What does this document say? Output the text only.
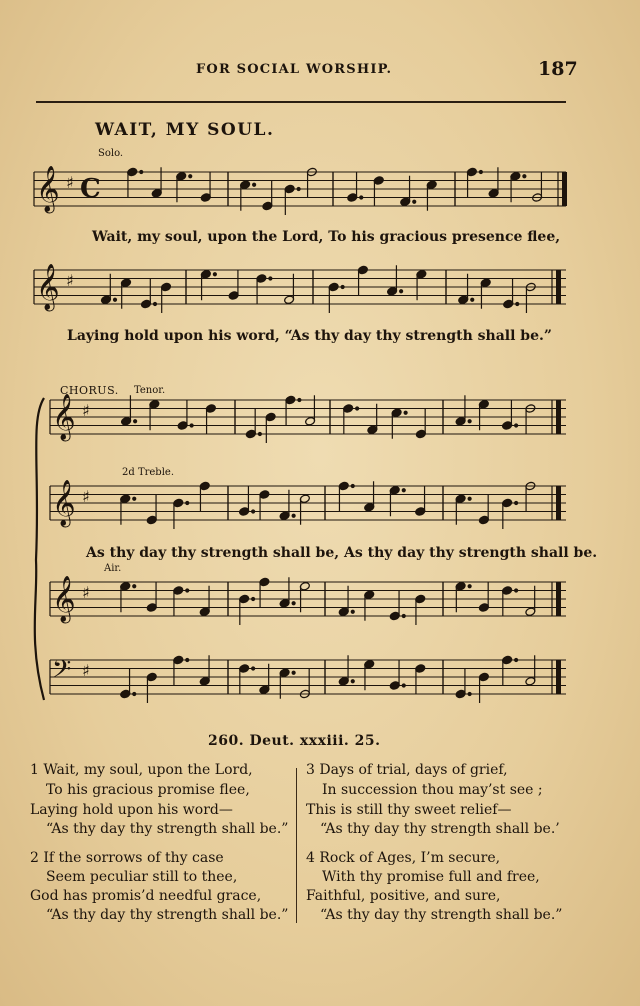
FOR SOCIAL WORSHIP.	187
WAIT, MY SOUL.
Solo.
CHORUS. Tenor.
2d Treble.
Air.
𝄞 ♯ C
𝄞 ♯
𝄞 ♯
𝄞 ♯
𝄞 ♯
𝄢 ♯
Wait, my soul, upon the Lord, To his gracious presence flee,
Laying hold upon his word, “As thy day thy strength shall be.”
As thy day thy strength shall be, As thy day thy strength shall be.
260. Deut. xxxiii. 25.
1 Wait, my soul, upon the Lord,
To his gracious promise flee,
Laying hold upon his word—
“As thy day thy strength shall be.”
2 If the sorrows of thy case
Seem peculiar still to thee,
God has promis’d needful grace,
“As thy day thy strength shall be.”
3 Days of trial, days of grief,
In succession thou may’st see ;
This is still thy sweet relief—
“As thy day thy strength shall be.’
4 Rock of Ages, I’m secure,
With thy promise full and free,
Faithful, positive, and sure,
“As thy day thy strength shall be.”
